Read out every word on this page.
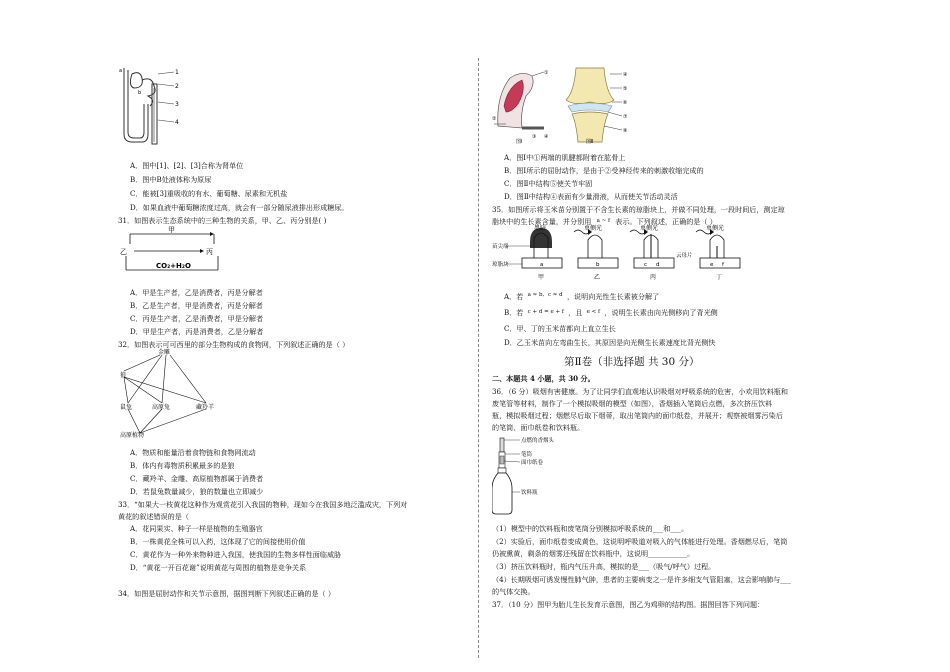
1
2
3
4
a
b
A．图中[1]、[2]、[3]合称为肾单位
B．图中B处液体称为原尿
C．能被[3]重吸收的有水、葡萄糖、尿素和无机盐
D．如果血液中葡萄糖浓度过高，就会有一部分随尿液排出形成糖尿。
31．如图表示生态系统中的三种生物的关系，甲、乙、丙分别是( )
甲
乙	丙
CO₂+H₂O
A．甲是生产者，乙是消费者，丙是分解者
B．乙是生产者，甲是消费者，丙是分解者
C．丙是生产者，乙是消费者，甲是分解者
D．甲是生产者，丙是消费者，乙是分解者
32．如图表示可可西里的部分生物构成的食物网，下列叙述正确的是（ ）
金雕
狼
鼠兔	高原兔	藏羚羊
高原植物
A．物质和能量沿着食物链和食物网流动
B．体内有毒物质积累最多的是狼
C．藏羚羊、金雕、高原植物都属于消费者
D．若鼠兔数量减少，狼的数量也立即减少
33．“如果大一枝黄花这种作为观赏花引入我国的物种，现如今在我国多地泛滥成灾，下列对
黄花的叙述错误的是（
A．花同果实、种子一样是植物的生殖器官
B．一株黄花全株可以入药，这体现了它的间接使用价值
C．黄花作为一种外来物种进入我国，使我国的生物多样性面临威胁
D．“黄花一开百花谢”说明黄花与周围的植物是竞争关系
34．如图是屈肘动作和关节示意图，据图判断下列叙述正确的是（ ）
①
②
③ ④
图Ⅰ
④
⑤
⑥
⑦
⑧
图Ⅱ
A．图Ⅰ中①两端的肌腱都附着在肱骨上
B．图Ⅰ所示的屈肘动作，是由于②受神经传来的刺激收缩完成的
C．图Ⅱ中结构⑤使关节牢固
D．图Ⅱ中结构④表面有少量滑液，从而使关节活动灵活
35．如图所示将玉米苗分别置于不含生长素的琼脂块上，并做不同处理，一段时间后，测定琼
脂块中的生长素含量，并分别用 $^{a \sim f}$ 表示。下列叙述，正确的是（ ）
黑暗	单侧光	单侧光	单侧光
苗尖端
琼脂块
云母片
a	b	c d	e f
甲	乙	丙	丁
A．若 $^{a \approx b、c \approx d}$ ，说明向光性生长素被分解了
B．若 $^{c + d = e + f}$ ，且 $^{e < f}$ ，说明生长素由向光侧移向了背光侧
C．甲、丁的玉米苗都向上直立生长
D．乙玉米苗向左弯曲生长，其原因是向光侧生长素速度比背光侧快
第Ⅱ卷（非选择题 共 30 分）
二、本题共 4 小题，共 30 分。
36．（6 分）吸烟有害健康。为了让同学们直观地认识吸烟对呼吸系统的危害，小欢用饮料瓶和
废笔管等材料，制作了一个模拟吸烟的模型（如图），香烟插入笔筒后点燃，多次挤压饮料
瓶，模拟吸烟过程；烟燃尽后取下烟蒂，取出笔筒内的面巾纸卷，并展开；观察被烟雾污染后
的笔筒、面巾纸卷和饮料瓶。
点燃的香烟头
笔筒
面巾纸卷
饮料瓶
（1）模型中的饮料瓶和废笔筒分别模拟呼吸系统的___和___。
（2）实验后，面巾纸卷变成黄色，这说明呼吸道对吸入的气体能进行处理。香烟燃尽后，笔筒
仍被熏黄，剩条的烟雾还残留在饮料瓶中，这说明___________。
（3）挤压饮料瓶时，瓶内气压升高，模拟的是___（吸气/呼气）过程。
（4）长期吸烟可诱发慢性肺气肿，患者的主要病变之一是许多细支气管阻塞，这会影响肺与___
的气体交换。
37．（10 分）图甲为胎儿生长发育示意图，图乙为鸡卵的结构图。据图回答下列问题：
